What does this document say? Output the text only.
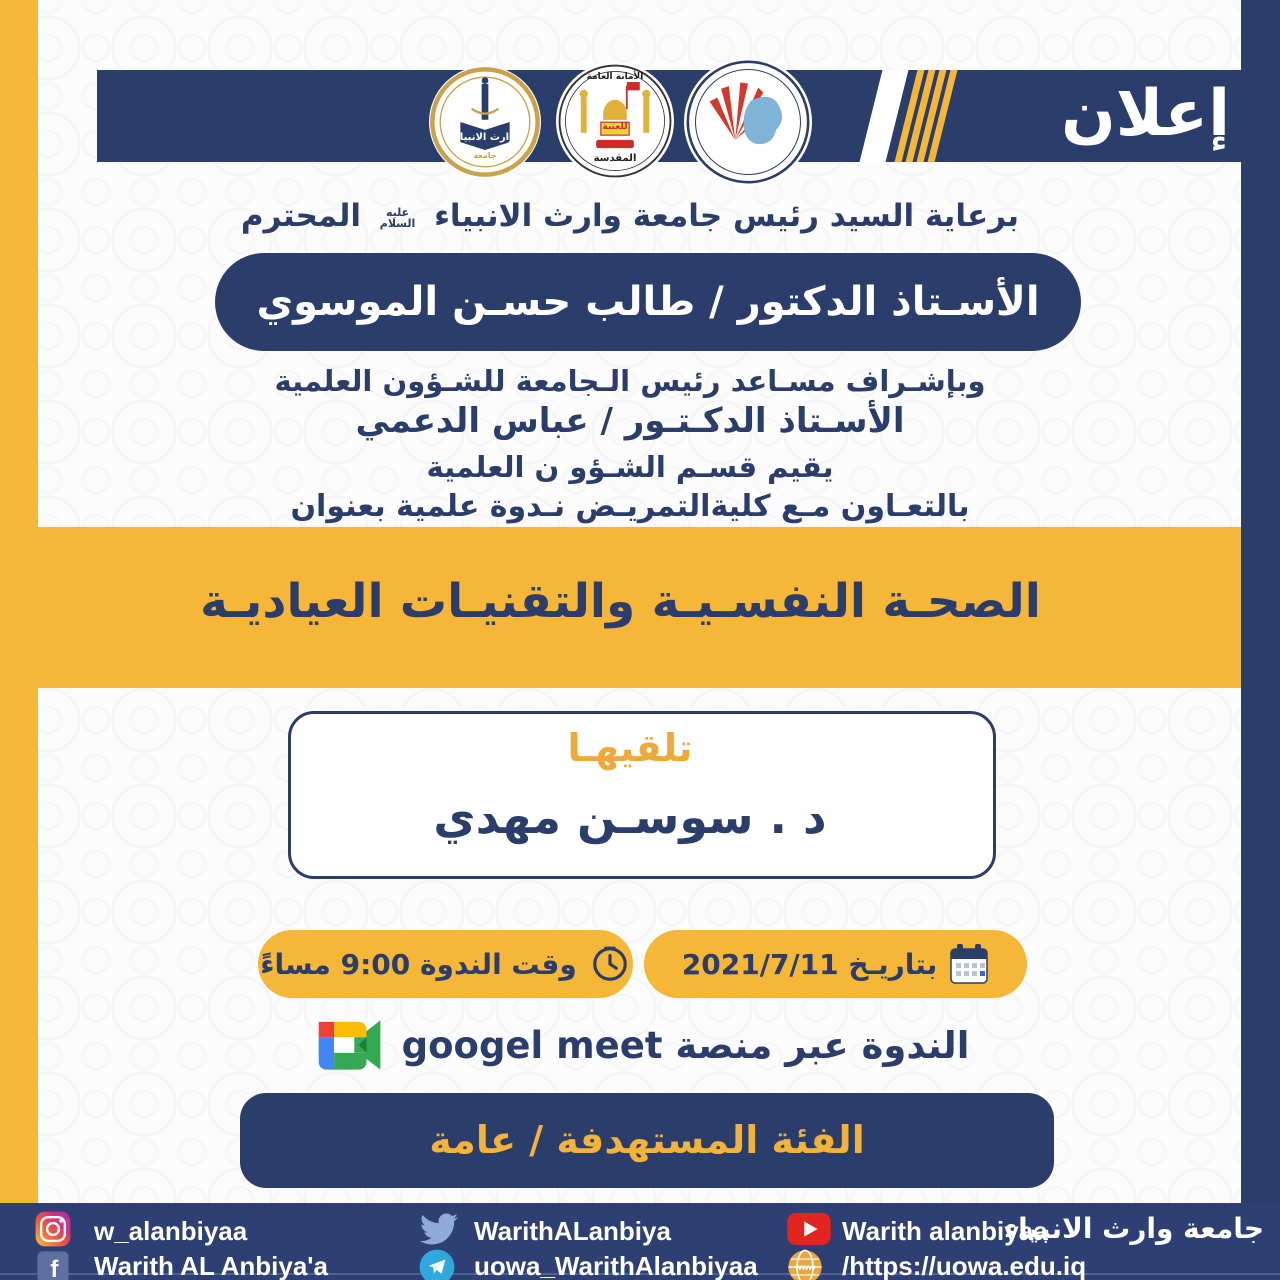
إعلان
وارث الانبياء
جامعة
الأمانة العامة
للعتبة
المقدسة
برعاية السيد رئيس جامعة وارث الانبياء
عليه
السلام
المحترم
الأسـتاذ الدكتور / طالب حسـن الموسوي
وبإشـراف مسـاعد رئيس الـجامعة للشـؤون العلمية
الأسـتاذ الدكـتـور / عباس الدعمي
يقيم قسـم الشـؤو ن العلمية
بالتعـاون مـع كليةالتمريـض نـدوة علمية بعنوان
الصحـة النفسـيـة والتقنيـات العياديـة
تلقيهـا
د . سوسـن مهدي
وقت الندوة 9:00 مساءً	بتاريـخ 2021/7/11
الندوة عبر منصة googel meet
الفئة المستهدفة / عامة
w_alanbiyaa
f Warith AL Anbiya'a
WarithALanbiya
uowa_WarithAlanbiyaa
Warith alanbiyaa
جامعة وارث الانبياء
www /https://uowa.edu.iq
